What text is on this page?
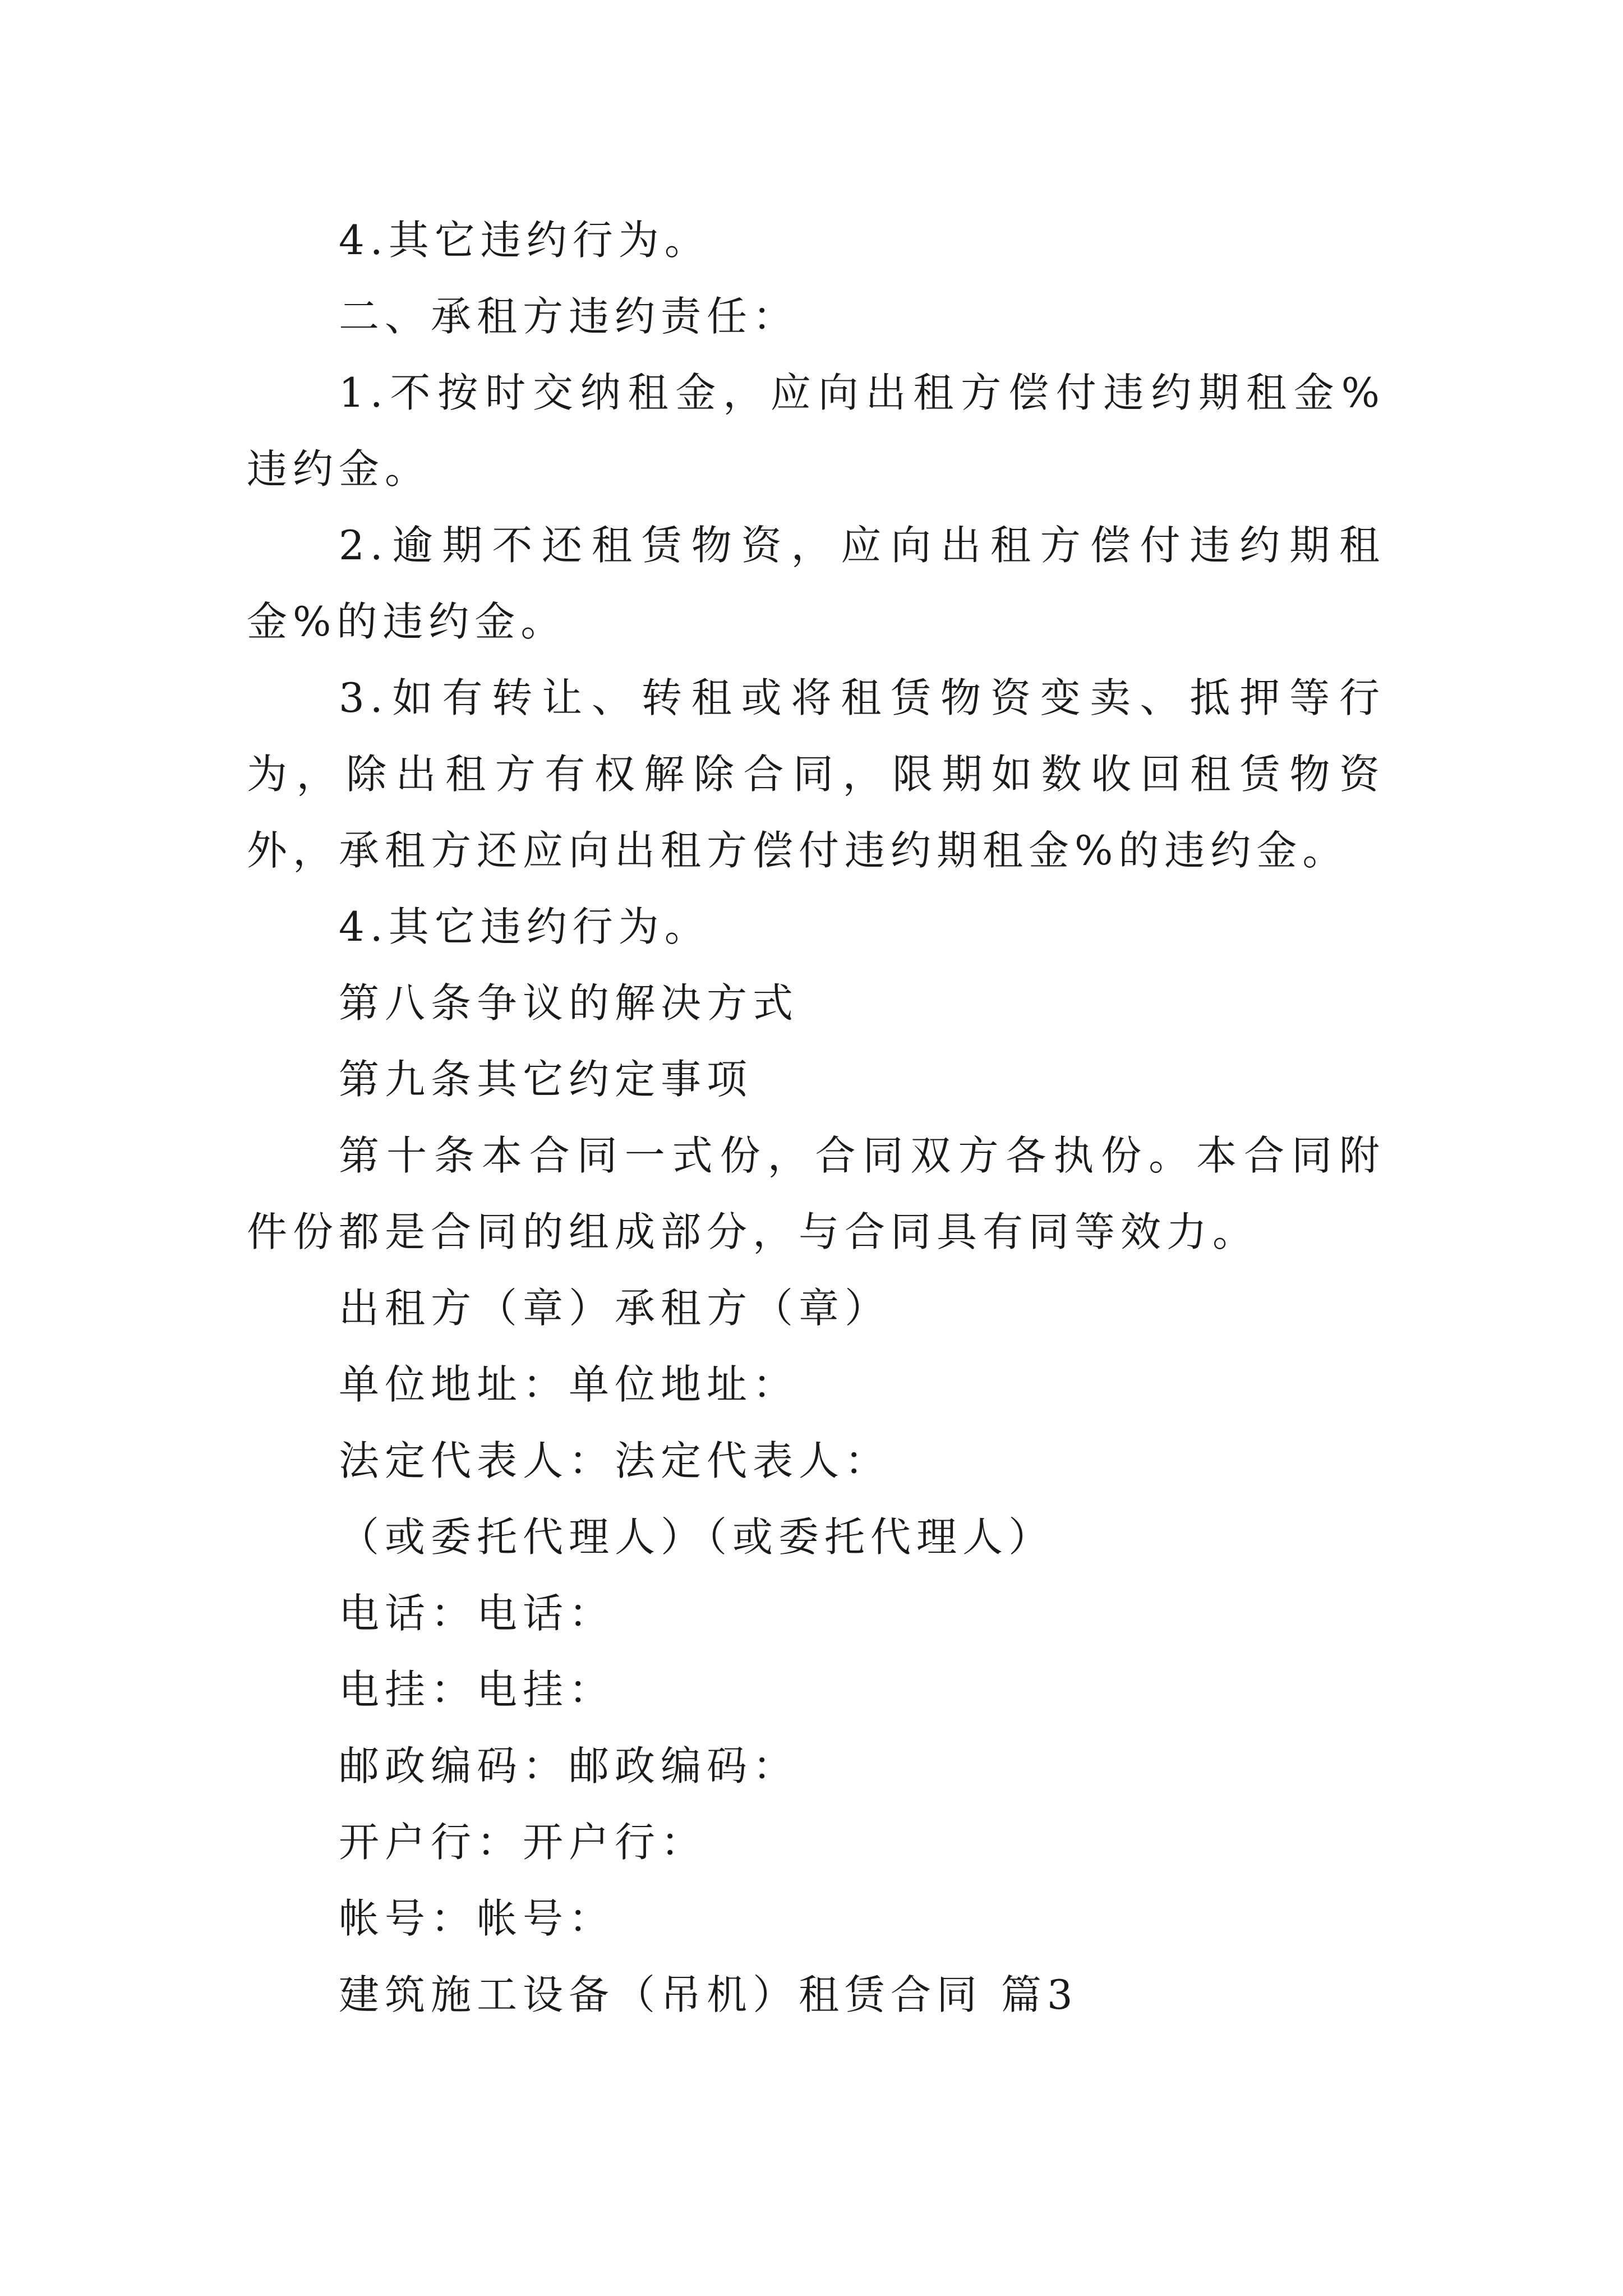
4.其它违约行为。

二、承租方违约责任：

1.不按时交纳租金，应向出租方偿付违约期租金%违约金。

2.逾期不还租赁物资，应向出租方偿付违约期租金%的违约金。

3.如有转让、转租或将租赁物资变卖、抵押等行为，除出租方有权解除合同，限期如数收回租赁物资外，承租方还应向出租方偿付违约期租金%的违约金。

4.其它违约行为。

第八条争议的解决方式

第九条其它约定事项

第十条本合同一式份，合同双方各执份。本合同附件份都是合同的组成部分，与合同具有同等效力。

出租方（章）承租方（章）

单位地址：单位地址：

法定代表人：法定代表人：

（或委托代理人）（或委托代理人）

电话：电话：

电挂：电挂：

邮政编码：邮政编码：

开户行：开户行：

帐号：帐号：

建筑施工设备（吊机）租赁合同 篇3
